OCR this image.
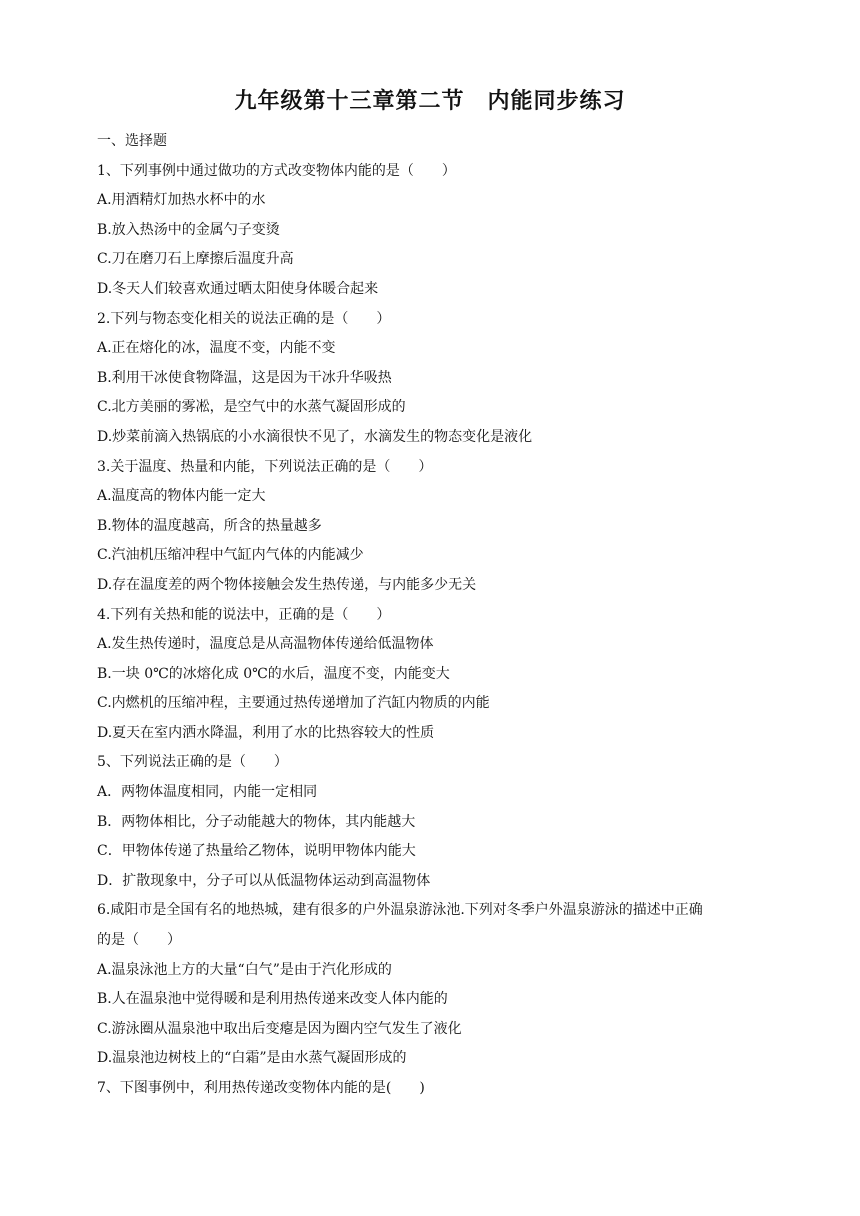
九年级第十三章第二节　内能同步练习
一、选择题
1、下列事例中通过做功的方式改变物体内能的是（　　）
A.用酒精灯加热水杯中的水
B.放入热汤中的金属勺子变烫
C.刀在磨刀石上摩擦后温度升高
D.冬天人们较喜欢通过晒太阳使身体暖合起来
2.下列与物态变化相关的说法正确的是（　　）
A.正在熔化的冰，温度不变，内能不变
B.利用干冰使食物降温，这是因为干冰升华吸热
C.北方美丽的雾凇，是空气中的水蒸气凝固形成的
D.炒菜前滴入热锅底的小水滴很快不见了，水滴发生的物态变化是液化
3.关于温度、热量和内能，下列说法正确的是（　　）
A.温度高的物体内能一定大
B.物体的温度越高，所含的热量越多
C.汽油机压缩冲程中气缸内气体的内能减少
D.存在温度差的两个物体接触会发生热传递，与内能多少无关
4.下列有关热和能的说法中，正确的是（　　）
A.发生热传递时，温度总是从高温物体传递给低温物体
B.一块 0℃的冰熔化成 0℃的水后，温度不变，内能变大
C.内燃机的压缩冲程，主要通过热传递增加了汽缸内物质的内能
D.夏天在室内洒水降温，利用了水的比热容较大的性质
5、下列说法正确的是（　　）
A．两物体温度相同，内能一定相同
B．两物体相比，分子动能越大的物体，其内能越大
C．甲物体传递了热量给乙物体，说明甲物体内能大
D．扩散现象中，分子可以从低温物体运动到高温物体
6.咸阳市是全国有名的地热城，建有很多的户外温泉游泳池.下列对冬季户外温泉游泳的描述中正确
的是（　　）
A.温泉泳池上方的大量“白气”是由于汽化形成的
B.人在温泉池中觉得暖和是利用热传递来改变人体内能的
C.游泳圈从温泉池中取出后变瘪是因为圈内空气发生了液化
D.温泉池边树枝上的“白霜”是由水蒸气凝固形成的
7、下图事例中，利用热传递改变物体内能的是(　　)
